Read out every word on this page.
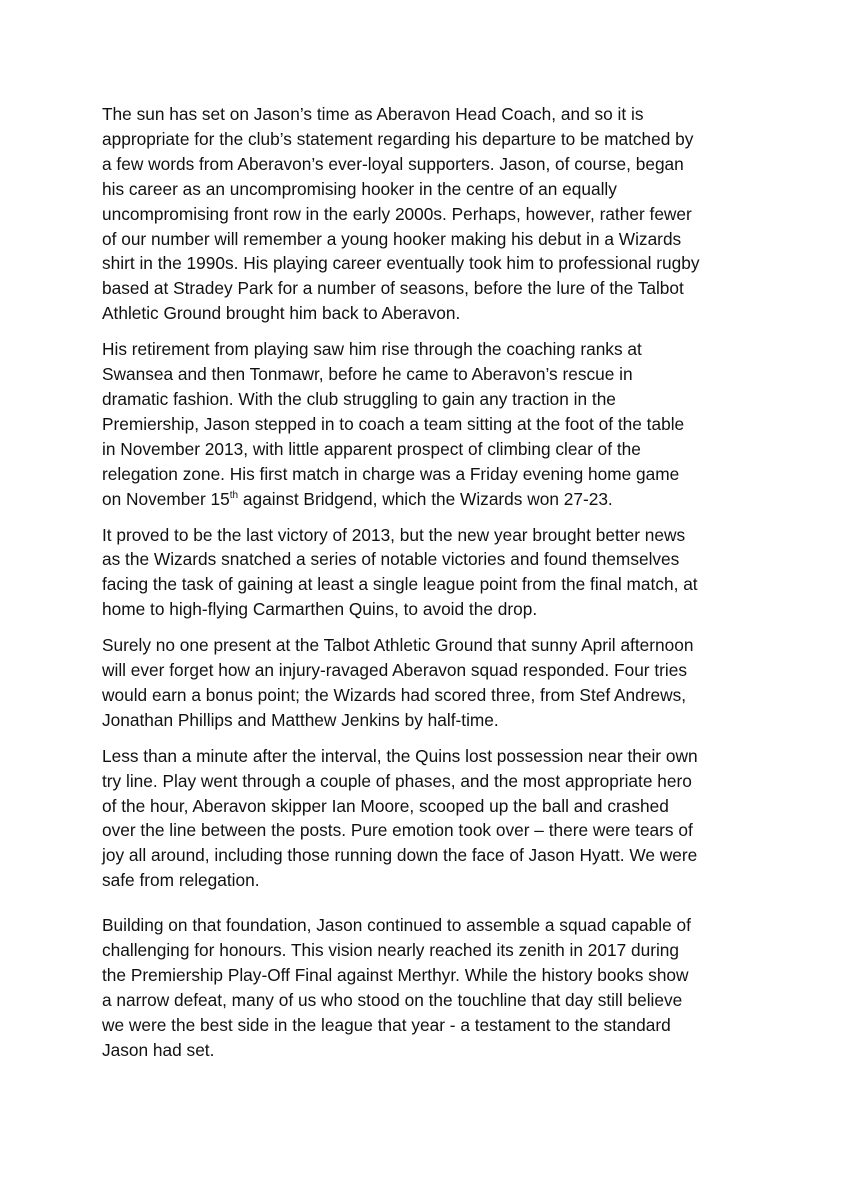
The sun has set on Jason’s time as Aberavon Head Coach, and so it is
appropriate for the club’s statement regarding his departure to be matched by
a few words from Aberavon’s ever-loyal supporters. Jason, of course, began
his career as an uncompromising hooker in the centre of an equally
uncompromising front row in the early 2000s. Perhaps, however, rather fewer
of our number will remember a young hooker making his debut in a Wizards
shirt in the 1990s. His playing career eventually took him to professional rugby
based at Stradey Park for a number of seasons, before the lure of the Talbot
Athletic Ground brought him back to Aberavon.

His retirement from playing saw him rise through the coaching ranks at
Swansea and then Tonmawr, before he came to Aberavon’s rescue in
dramatic fashion. With the club struggling to gain any traction in the
Premiership, Jason stepped in to coach a team sitting at the foot of the table
in November 2013, with little apparent prospect of climbing clear of the
relegation zone. His first match in charge was a Friday evening home game
on November 15th against Bridgend, which the Wizards won 27-23.

It proved to be the last victory of 2013, but the new year brought better news
as the Wizards snatched a series of notable victories and found themselves
facing the task of gaining at least a single league point from the final match, at
home to high-flying Carmarthen Quins, to avoid the drop.

Surely no one present at the Talbot Athletic Ground that sunny April afternoon
will ever forget how an injury-ravaged Aberavon squad responded. Four tries
would earn a bonus point; the Wizards had scored three, from Stef Andrews,
Jonathan Phillips and Matthew Jenkins by half-time.

Less than a minute after the interval, the Quins lost possession near their own
try line. Play went through a couple of phases, and the most appropriate hero
of the hour, Aberavon skipper Ian Moore, scooped up the ball and crashed
over the line between the posts. Pure emotion took over – there were tears of
joy all around, including those running down the face of Jason Hyatt. We were
safe from relegation.

Building on that foundation, Jason continued to assemble a squad capable of
challenging for honours. This vision nearly reached its zenith in 2017 during
the Premiership Play-Off Final against Merthyr. While the history books show
a narrow defeat, many of us who stood on the touchline that day still believe
we were the best side in the league that year - a testament to the standard
Jason had set.
